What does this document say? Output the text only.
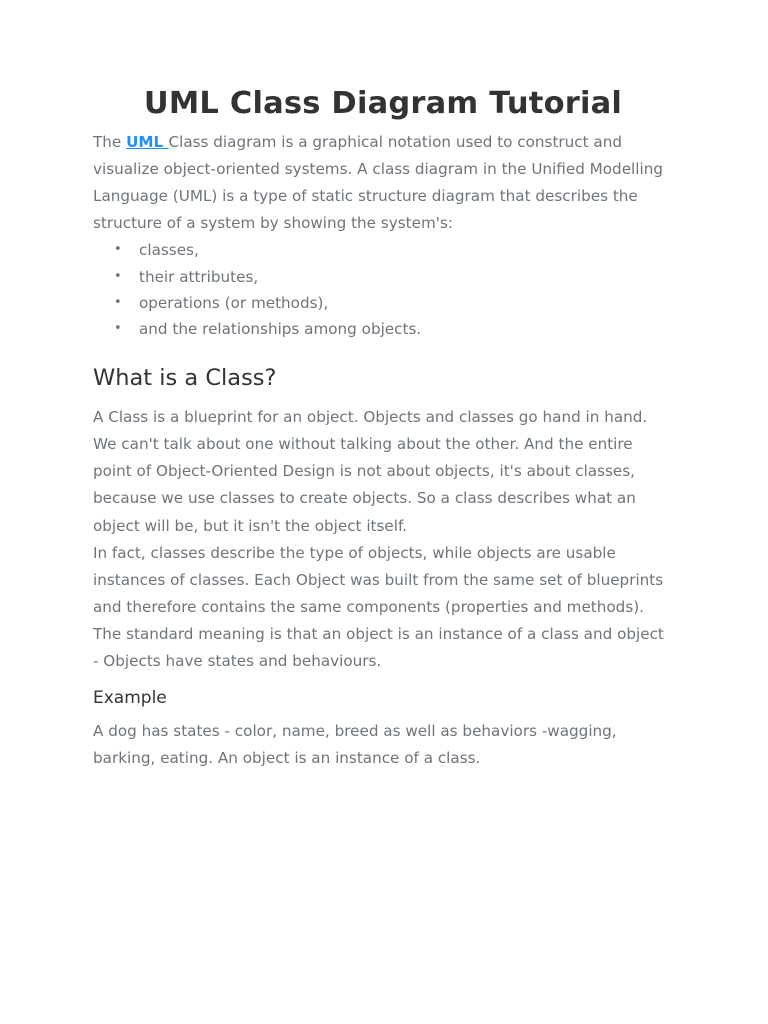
UML Class Diagram Tutorial

The UML Class diagram is a graphical notation used to construct and visualize object-oriented systems. A class diagram in the Unified Modelling Language (UML) is a type of static structure diagram that describes the structure of a system by showing the system's:

• classes,
• their attributes,
• operations (or methods),
• and the relationships among objects.
What is a Class?

A Class is a blueprint for an object. Objects and classes go hand in hand. We can't talk about one without talking about the other. And the entire point of Object-Oriented Design is not about objects, it's about classes, because we use classes to create objects. So a class describes what an object will be, but it isn't the object itself.

In fact, classes describe the type of objects, while objects are usable instances of classes. Each Object was built from the same set of blueprints and therefore contains the same components (properties and methods). The standard meaning is that an object is an instance of a class and object - Objects have states and behaviours.

Example

A dog has states - color, name, breed as well as behaviors -wagging, barking, eating. An object is an instance of a class.
